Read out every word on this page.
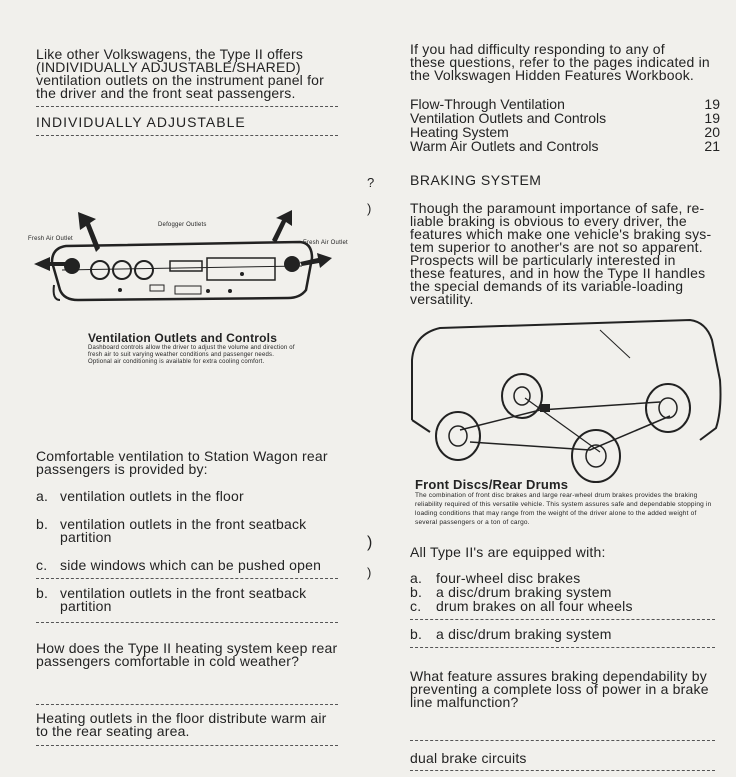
Like other Volkswagens, the Type II offers
(INDIVIDUALLY ADJUSTABLE/SHARED)
ventilation outlets on the instrument panel for
the driver and the front seat passengers.
INDIVIDUALLY ADJUSTABLE
Defogger Outlets
Fresh Air Outlet
Fresh Air Outlet
Ventilation Outlets and Controls
Dashboard controls allow the driver to adjust the volume and direction of fresh air to suit varying weather conditions and passenger needs. Optional air conditioning is available for extra cooling comfort.
Comfortable ventilation to Station Wagon rear
passengers is provided by:
a. ventilation outlets in the floor
b. ventilation outlets in the front seatback
partition
c. side windows which can be pushed open
b. ventilation outlets in the front seatback
partition
How does the Type II heating system keep rear
passengers comfortable in cold weather?
Heating outlets in the floor distribute warm air
to the rear seating area.
?
)
)
)
If you had difficulty responding to any of
these questions, refer to the pages indicated in
the Volkswagen Hidden Features Workbook.
Flow-Through Ventilation	19
Ventilation Outlets and Controls	19
Heating System	20
Warm Air Outlets and Controls	21
BRAKING SYSTEM
Though the paramount importance of safe, re-
liable braking is obvious to every driver, the
features which make one vehicle's braking sys-
tem superior to another's are not so apparent.
Prospects will be particularly interested in
these features, and in how the Type II handles
the special demands of its variable-loading
versatility.
Front Discs/Rear Drums
The combination of front disc brakes and large rear-wheel drum brakes provides the braking reliability required of this versatile vehicle. This system assures safe and dependable stopping in loading conditions that may range from the weight of the driver alone to the added weight of several passengers or a ton of cargo.
All Type II's are equipped with:
a. four-wheel disc brakes
b. a disc/drum braking system
c. drum brakes on all four wheels
b. a disc/drum braking system
What feature assures braking dependability by
preventing a complete loss of power in a brake
line malfunction?
dual brake circuits
